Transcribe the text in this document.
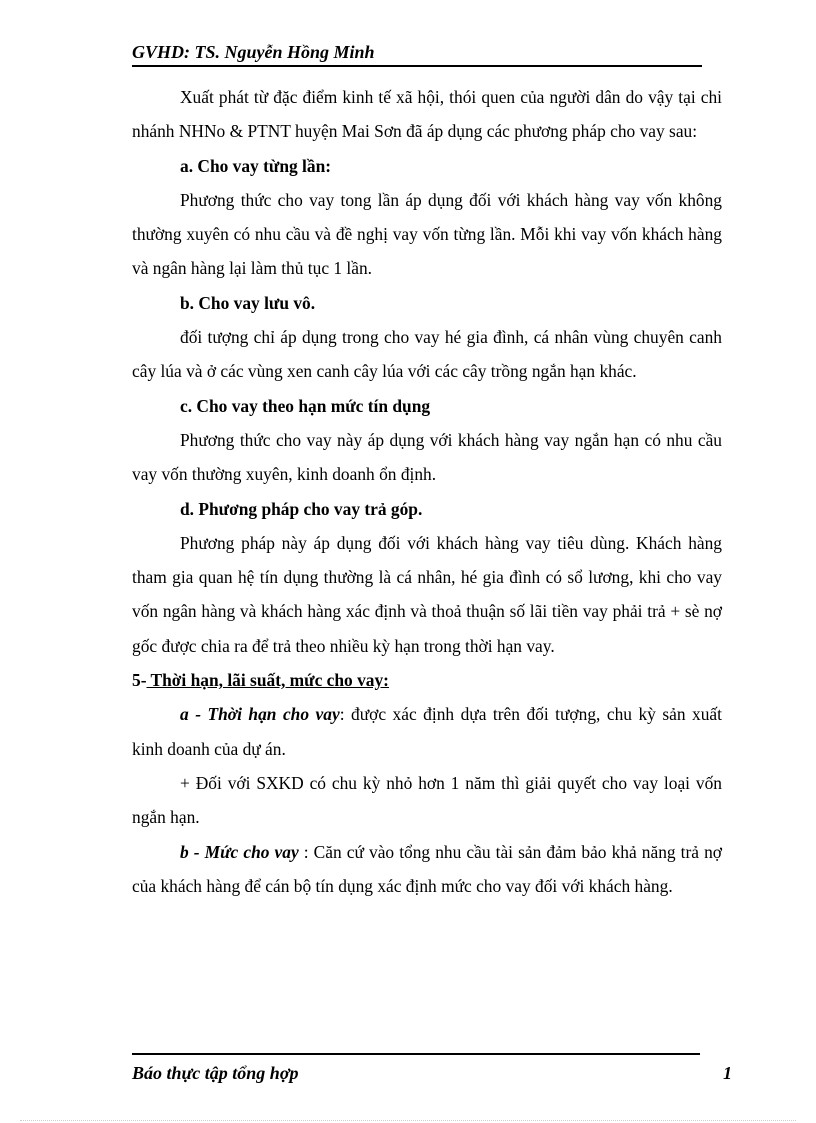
GVHD: TS. Nguyễn Hồng Minh

Xuất phát từ đặc điểm kinh tế xã hội, thói quen của người dân do vậy tại chi nhánh NHNo & PTNT huyện Mai Sơn đã áp dụng các phương pháp cho vay sau:

a. Cho vay từng lần:

Phương thức cho vay tong lần áp dụng đối với khách hàng vay vốn không thường xuyên có nhu cầu và đề nghị vay vốn từng lần. Mỗi khi vay vốn khách hàng và ngân hàng lại làm thủ tục 1 lần.

b. Cho vay lưu vô.

đối tượng chỉ áp dụng trong cho vay hé gia đình, cá nhân vùng chuyên canh cây lúa và ở các vùng xen canh cây lúa với các cây trồng ngắn hạn khác.

c. Cho vay theo hạn mức tín dụng

Phương thức cho vay này áp dụng với khách hàng vay ngắn hạn có nhu cầu vay vốn thường xuyên, kinh doanh ổn định.

d. Phương pháp cho vay trả góp.

Phương pháp này áp dụng đối với khách hàng vay tiêu dùng. Khách hàng tham gia quan hệ tín dụng thường là cá nhân, hé gia đình có sổ lương, khi cho vay vốn ngân hàng và khách hàng xác định và thoả thuận số lãi tiền vay phải trả + sè nợ gốc được chia ra để trả theo nhiều kỳ hạn trong thời hạn vay.

5- Thời hạn, lãi suất, mức cho vay:

a - Thời hạn cho vay: được xác định dựa trên đối tượng, chu kỳ sản xuất kinh doanh của dự án.

+ Đối với SXKD có chu kỳ nhỏ hơn 1 năm thì giải quyết cho vay loại vốn ngắn hạn.

b - Mức cho vay : Căn cứ vào tổng nhu cầu tài sản đảm bảo khả năng trả nợ của khách hàng để cán bộ tín dụng xác định mức cho vay đối với khách hàng.

Báo thực tập tổng hợp	1
